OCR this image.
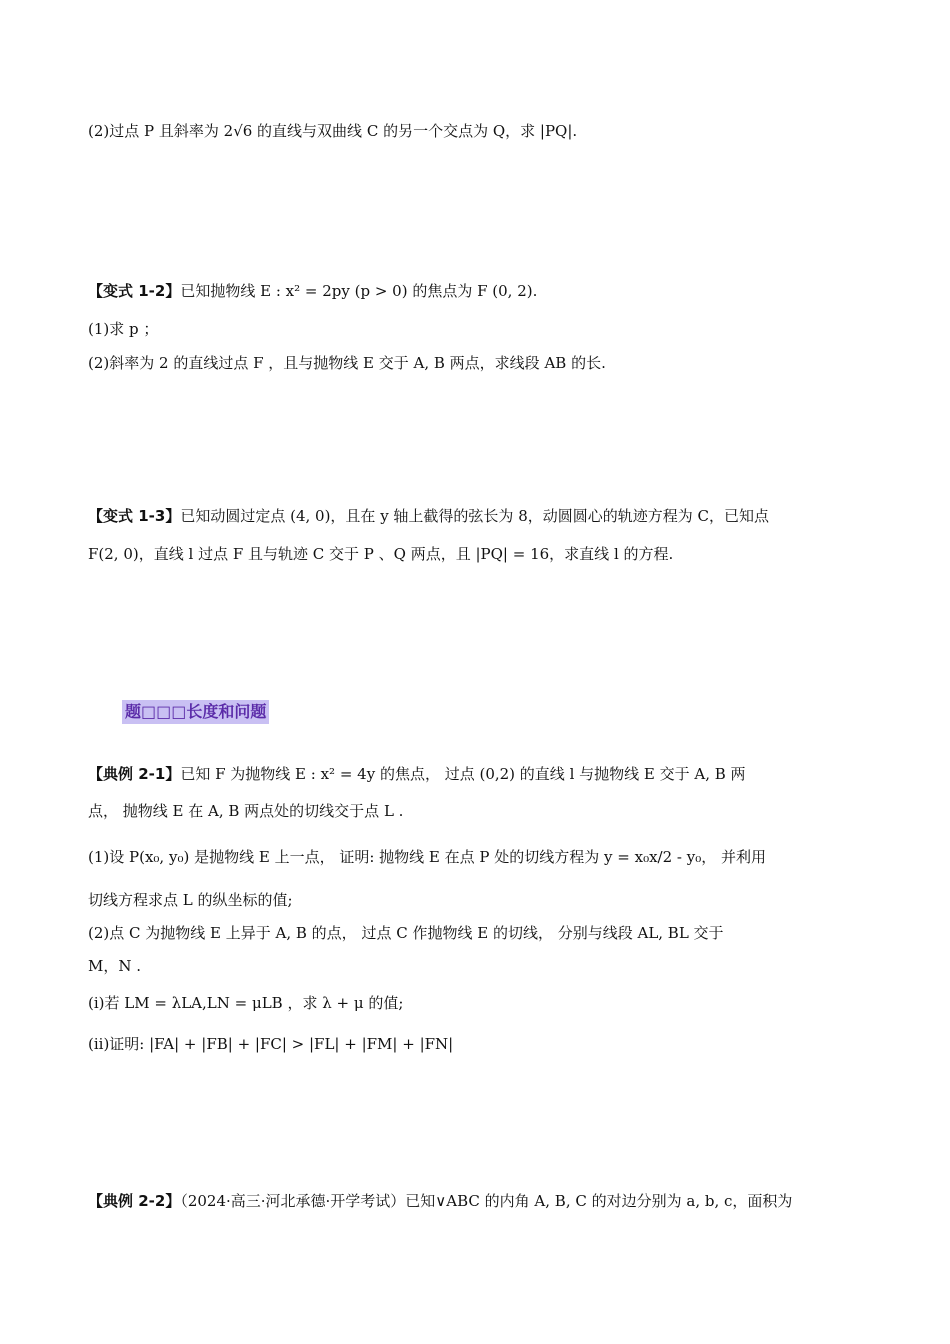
(2)过点 P 且斜率为 2√6 的直线与双曲线 C 的另一个交点为 Q，求 |PQ|.
【变式 1-2】已知抛物线 E : x² = 2py (p > 0) 的焦点为 F (0, 2).
(1)求 p ；
(2)斜率为 2 的直线过点 F ，且与抛物线 E 交于 A, B 两点，求线段 AB 的长.
【变式 1-3】已知动圆过定点 (4, 0)，且在 y 轴上截得的弦长为 8，动圆圆心的轨迹方程为 C，已知点
F(2, 0)，直线 l 过点 F 且与轨迹 C 交于 P 、Q 两点，且 |PQ| = 16，求直线 l 的方程.
题□□□长度和问题
【典例 2-1】已知 F 为抛物线 E : x² = 4y 的焦点， 过点 (0,2) 的直线 l 与抛物线 E 交于 A, B 两
点， 抛物线 E 在 A, B 两点处的切线交于点 L .
(1)设 P(x₀, y₀) 是抛物线 E 上一点， 证明: 抛物线 E 在点 P 处的切线方程为 y = x₀x/2 - y₀， 并利用
切线方程求点 L 的纵坐标的值;
(2)点 C 为抛物线 E 上异于 A, B 的点， 过点 C 作抛物线 E 的切线， 分别与线段 AL, BL 交于
M，N .
(i)若 LM = λLA,LN = μLB ，求 λ + μ 的值;
(ii)证明: |FA| + |FB| + |FC| > |FL| + |FM| + |FN|
【典例 2-2】（2024·高三·河北承德·开学考试）已知∨ABC 的内角 A, B, C 的对边分别为 a, b, c，面积为
